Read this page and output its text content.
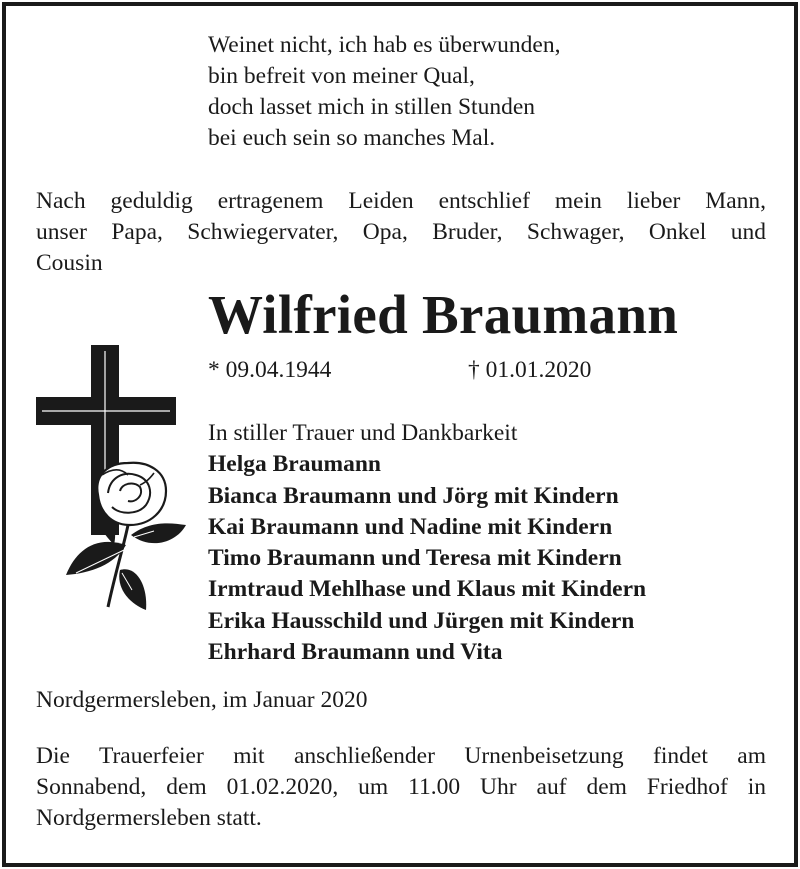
Weinet nicht, ich hab es überwunden,
bin befreit von meiner Qual,
doch lasset mich in stillen Stunden
bei euch sein so manches Mal.
Nach geduldig ertragenem Leiden entschlief mein lieber Mann,
unser Papa, Schwiegervater, Opa, Bruder, Schwager, Onkel und
Cousin
Wilfried Braumann
* 09.04.1944	† 01.01.2020
In stiller Trauer und Dankbarkeit
Helga Braumann
Bianca Braumann und Jörg mit Kindern
Kai Braumann und Nadine mit Kindern
Timo Braumann und Teresa mit Kindern
Irmtraud Mehlhase und Klaus mit Kindern
Erika Hausschild und Jürgen mit Kindern
Ehrhard Braumann und Vita
Nordgermersleben, im Januar 2020
Die Trauerfeier mit anschließender Urnenbeisetzung findet am
Sonnabend, dem 01.02.2020, um 11.00 Uhr auf dem Friedhof in
Nordgermersleben statt.
